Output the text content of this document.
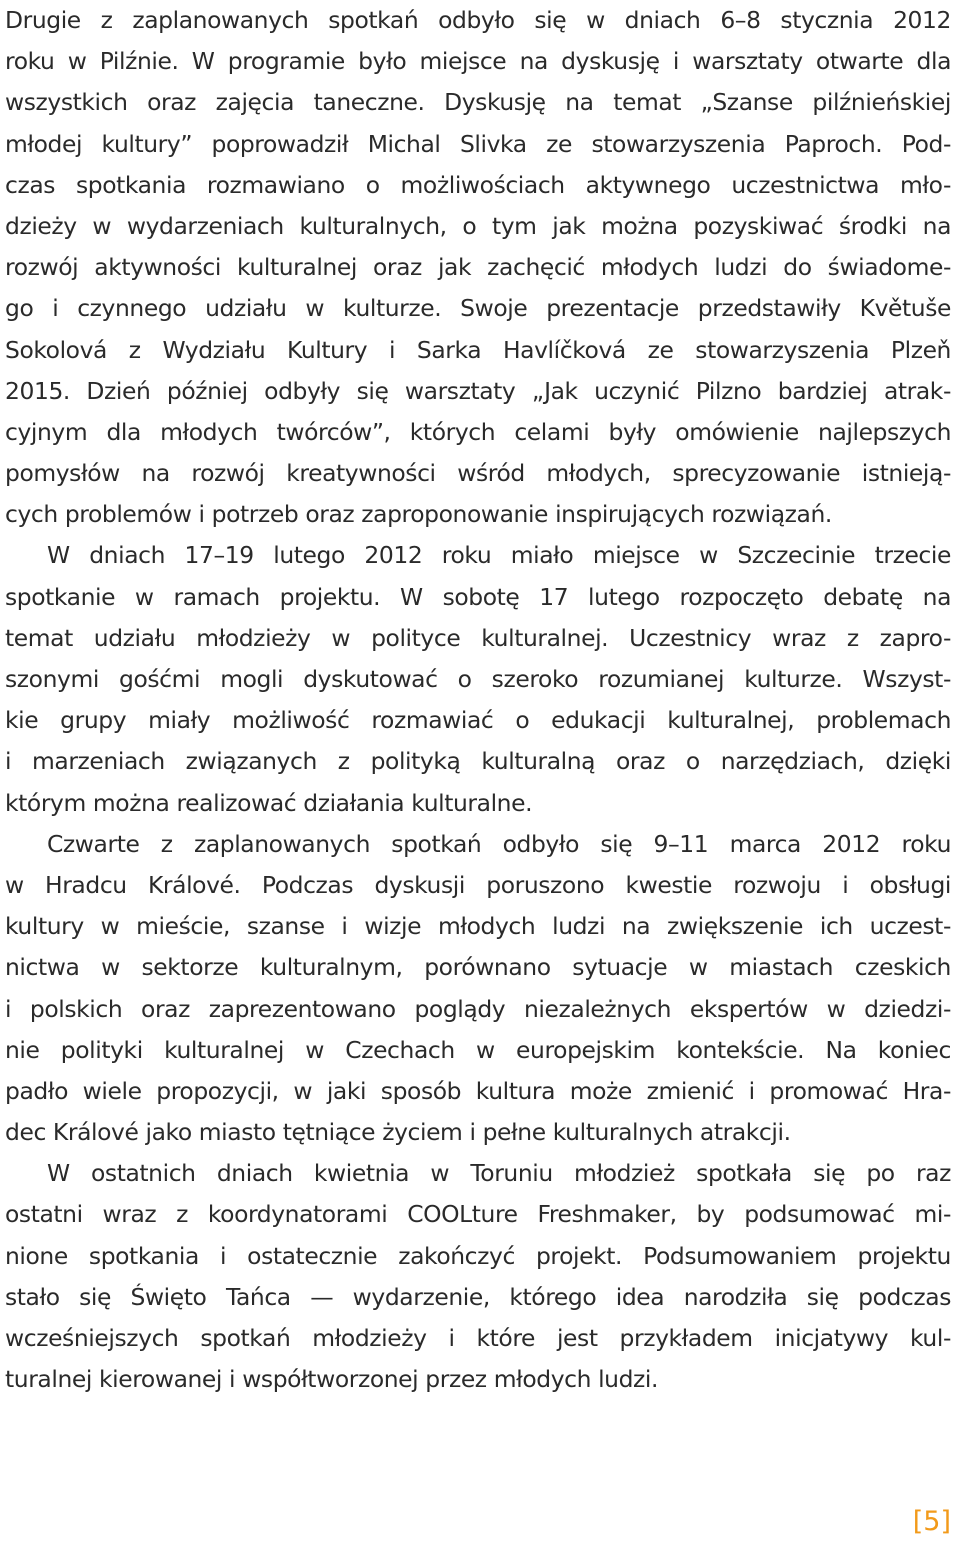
Drugie z zaplanowanych spotkań odbyło się w dniach 6–8 stycznia 2012
roku w Pilźnie. W programie było miejsce na dyskusję i warsztaty otwarte dla
wszystkich oraz zajęcia taneczne. Dyskusję na temat „Szanse pilźnieńskiej
młodej kultury” poprowadził Michal Slivka ze stowarzyszenia Paproch. Pod-
czas spotkania rozmawiano o możliwościach aktywnego uczestnictwa mło-
dzieży w wydarzeniach kulturalnych, o tym jak można pozyskiwać środki na
rozwój aktywności kulturalnej oraz jak zachęcić młodych ludzi do świadome-
go i czynnego udziału w kulturze. Swoje prezentacje przedstawiły Květuše
Sokolová z Wydziału Kultury i Sarka Havlíčková ze stowarzyszenia Plzeň
2015. Dzień później odbyły się warsztaty „Jak uczynić Pilzno bardziej atrak-
cyjnym dla młodych twórców”, których celami były omówienie najlepszych
pomysłów na rozwój kreatywności wśród młodych, sprecyzowanie istnieją-
cych problemów i potrzeb oraz zaproponowanie inspirujących rozwiązań.
W dniach 17–19 lutego 2012 roku miało miejsce w Szczecinie trzecie
spotkanie w ramach projektu. W sobotę 17 lutego rozpoczęto debatę na
temat udziału młodzieży w polityce kulturalnej. Uczestnicy wraz z zapro-
szonymi gośćmi mogli dyskutować o szeroko rozumianej kulturze. Wszyst-
kie grupy miały możliwość rozmawiać o edukacji kulturalnej, problemach
i marzeniach związanych z polityką kulturalną oraz o narzędziach, dzięki
którym można realizować działania kulturalne.
Czwarte z zaplanowanych spotkań odbyło się 9–11 marca 2012 roku
w Hradcu Králové. Podczas dyskusji poruszono kwestie rozwoju i obsługi
kultury w mieście, szanse i wizje młodych ludzi na zwiększenie ich uczest-
nictwa w sektorze kulturalnym, porównano sytuacje w miastach czeskich
i polskich oraz zaprezentowano poglądy niezależnych ekspertów w dziedzi-
nie polityki kulturalnej w Czechach w europejskim kontekście. Na koniec
padło wiele propozycji, w jaki sposób kultura może zmienić i promować Hra-
dec Králové jako miasto tętniące życiem i pełne kulturalnych atrakcji.
W ostatnich dniach kwietnia w Toruniu młodzież spotkała się po raz
ostatni wraz z koordynatorami COOLture Freshmaker, by podsumować mi-
nione spotkania i ostatecznie zakończyć projekt. Podsumowaniem projektu
stało się Święto Tańca — wydarzenie, którego idea narodziła się podczas
wcześniejszych spotkań młodzieży i które jest przykładem inicjatywy kul-
turalnej kierowanej i współtworzonej przez młodych ludzi.
[5]
